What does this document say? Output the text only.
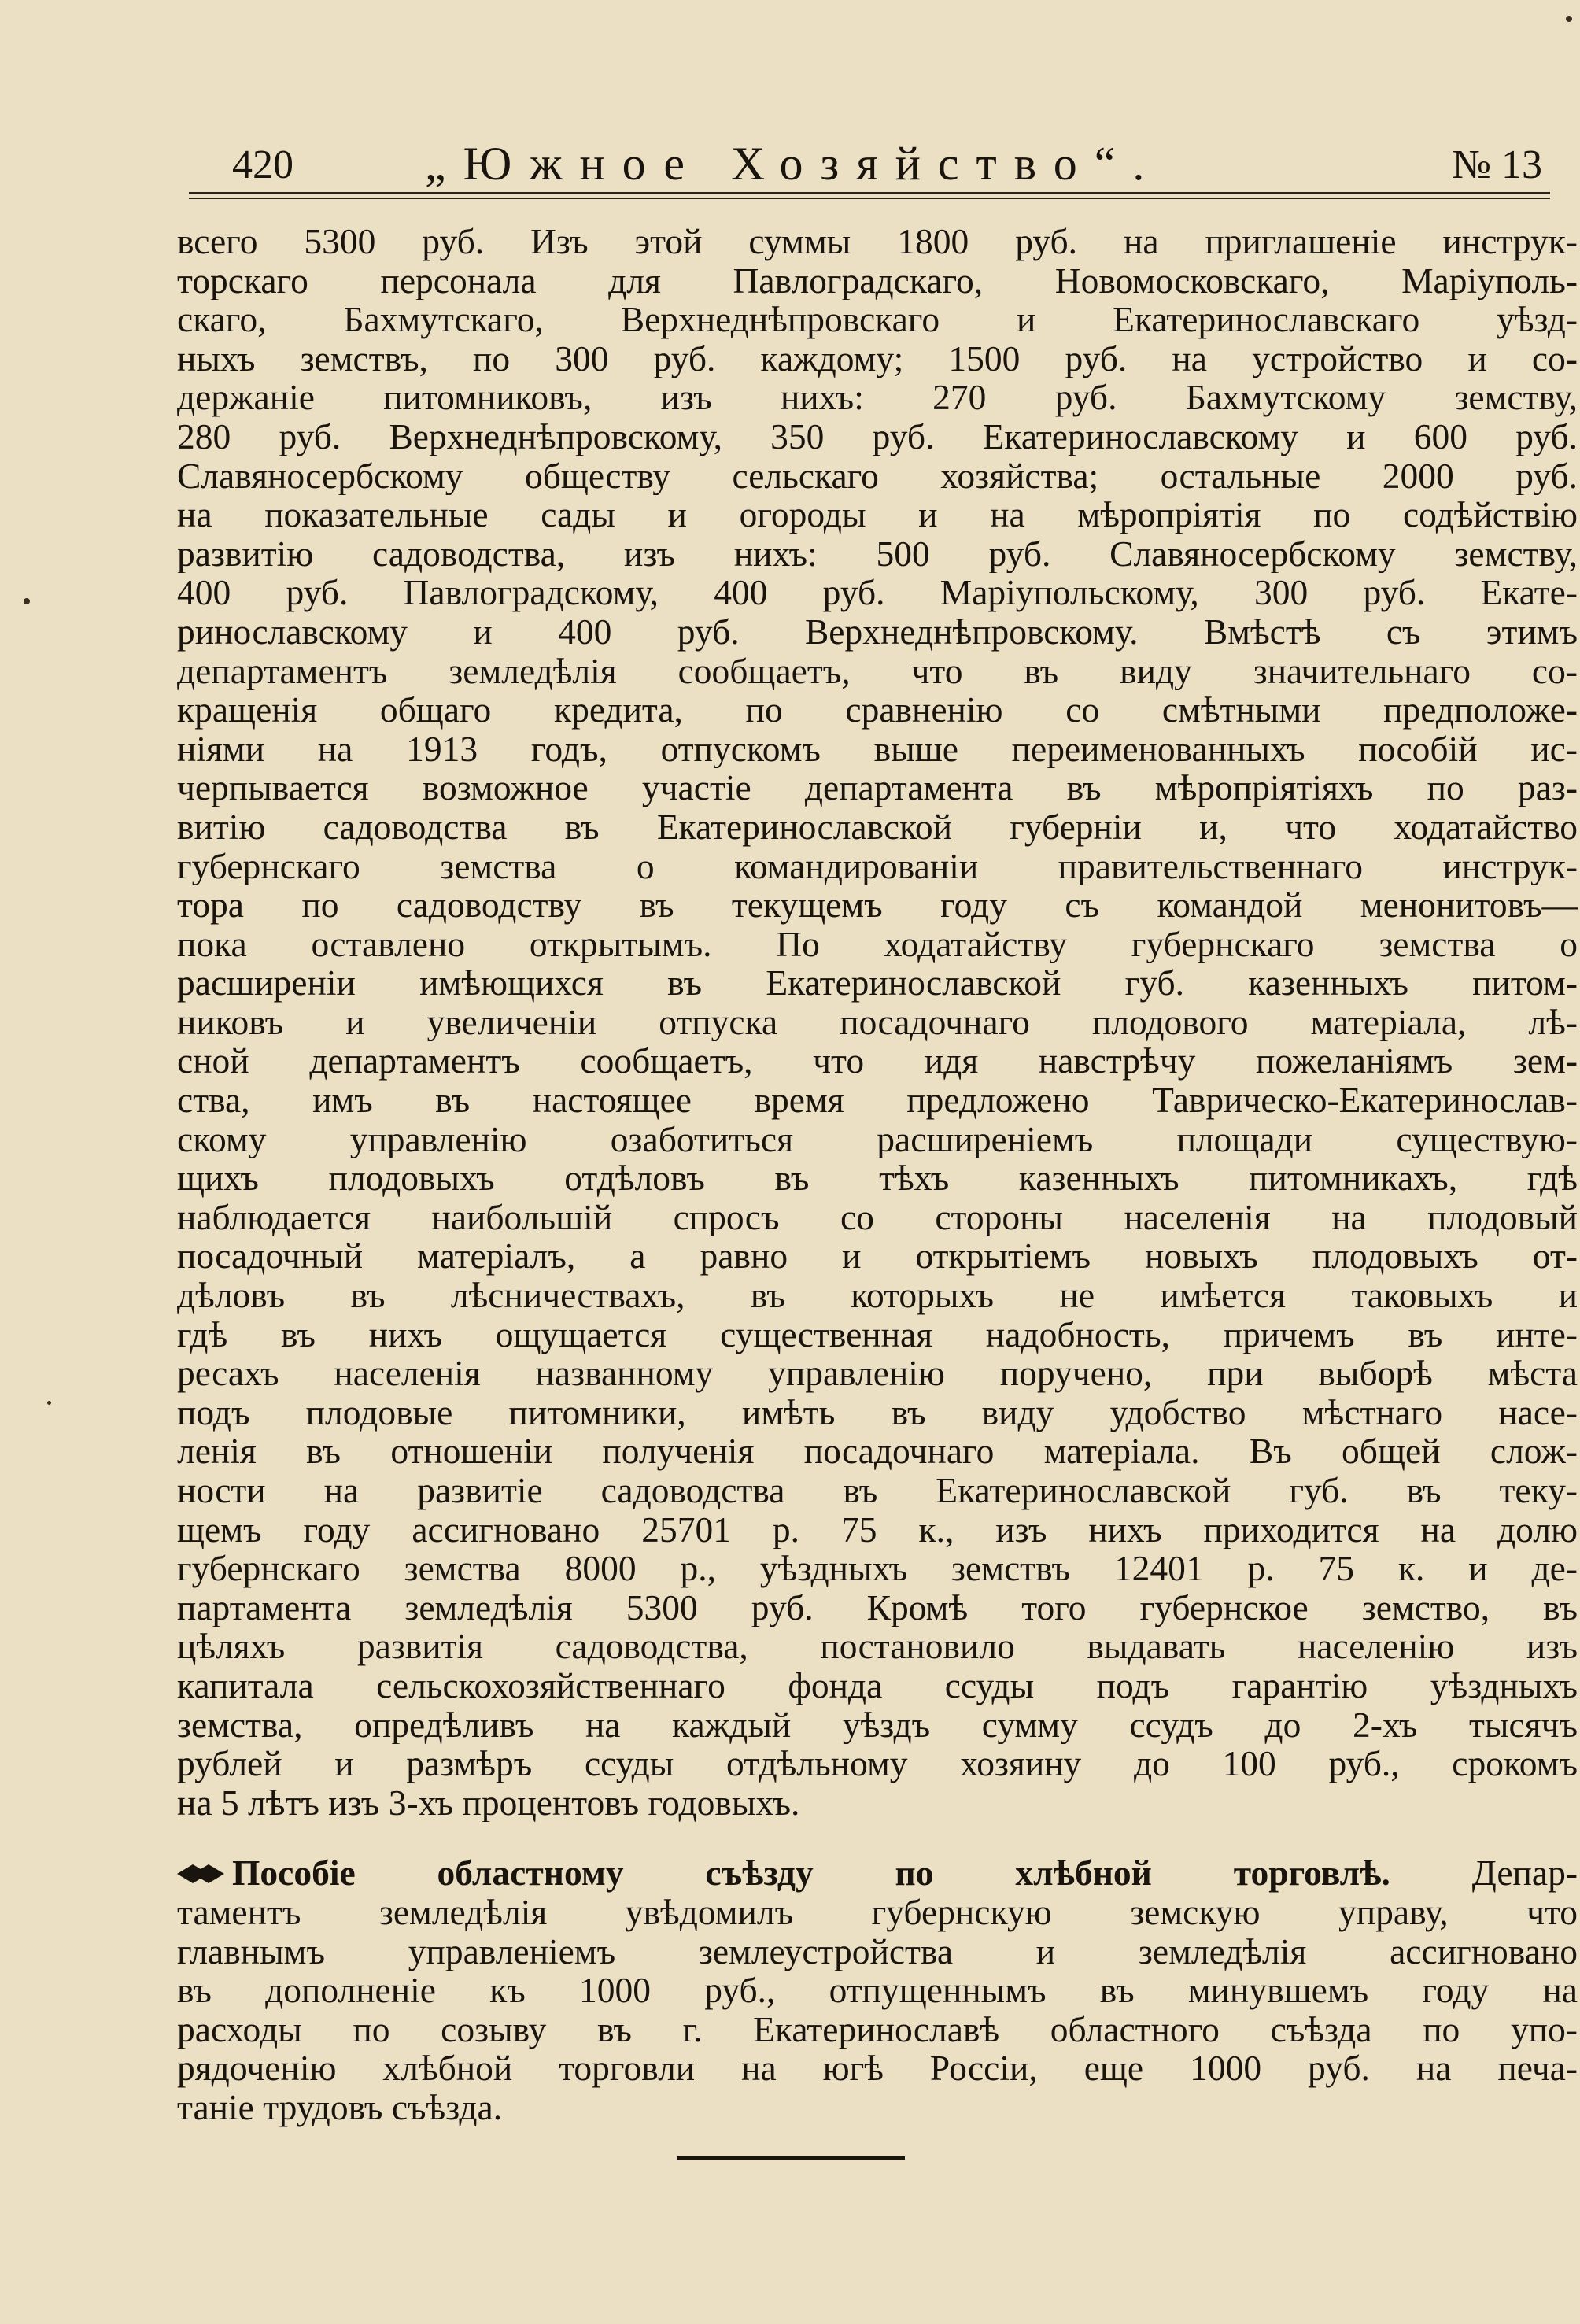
420	„Южное Хозяйство“.	№ 13
всего 5300 руб. Изъ этой суммы 1800 руб. на приглашеніе инструк-
торскаго персонала для Павлоградскаго, Новомосковскаго, Маріуполь-
скаго, Бахмутскаго, Верхнеднѣпровскаго и Екатеринославскаго уѣзд-
ныхъ земствъ, по 300 руб. каждому; 1500 руб. на устройство и со-
держаніе питомниковъ, изъ нихъ: 270 руб. Бахмутскому земству,
280 руб. Верхнеднѣпровскому, 350 руб. Екатеринославскому и 600 руб.
Славяносербскому обществу сельскаго хозяйства; остальные 2000 руб.
на показательные сады и огороды и на мѣропріятія по содѣйствію
развитію садоводства, изъ нихъ: 500 руб. Славяносербскому земству,
400 руб. Павлоградскому, 400 руб. Маріупольскому, 300 руб. Екате-
ринославскому и 400 руб. Верхнеднѣпровскому. Вмѣстѣ съ этимъ
департаментъ земледѣлія сообщаетъ, что въ виду значительнаго со-
кращенія общаго кредита, по сравненію со смѣтными предположе-
ніями на 1913 годъ, отпускомъ выше переименованныхъ пособій ис-
черпывается возможное участіе департамента въ мѣропріятіяхъ по раз-
витію садоводства въ Екатеринославской губерніи и, что ходатайство
губернскаго земства о командированіи правительственнаго инструк-
тора по садоводству въ текущемъ году съ командой менонитовъ—
пока оставлено открытымъ. По ходатайству губернскаго земства о
расширеніи имѣющихся въ Екатеринославской губ. казенныхъ питом-
никовъ и увеличеніи отпуска посадочнаго плодового матеріала, лѣ-
сной департаментъ сообщаетъ, что идя навстрѣчу пожеланіямъ зем-
ства, имъ въ настоящее время предложено Таврическо-Екатеринослав-
скому управленію озаботиться расширеніемъ площади существую-
щихъ плодовыхъ отдѣловъ въ тѣхъ казенныхъ питомникахъ, гдѣ
наблюдается наибольшій спросъ со стороны населенія на плодовый
посадочный матеріалъ, а равно и открытіемъ новыхъ плодовыхъ от-
дѣловъ въ лѣсничествахъ, въ которыхъ не имѣется таковыхъ и
гдѣ въ нихъ ощущается существенная надобность, причемъ въ инте-
ресахъ населенія названному управленію поручено, при выборѣ мѣста
подъ плодовые питомники, имѣть въ виду удобство мѣстнаго насе-
ленія въ отношеніи полученія посадочнаго матеріала. Въ общей слож-
ности на развитіе садоводства въ Екатеринославской губ. въ теку-
щемъ году ассигновано 25701 р. 75 к., изъ нихъ приходится на долю
губернскаго земства 8000 р., уѣздныхъ земствъ 12401 р. 75 к. и де-
партамента земледѣлія 5300 руб. Кромѣ того губернское земство, въ
цѣляхъ развитія садоводства, постановило выдавать населенію изъ
капитала сельскохозяйственнаго фонда ссуды подъ гарантію уѣздныхъ
земства, опредѣливъ на каждый уѣздъ сумму ссудъ до 2-хъ тысячъ
рублей и размѣръ ссуды отдѣльному хозяину до 100 руб., срокомъ
на 5 лѣтъ изъ 3-хъ процентовъ годовыхъ.
Пособіе областному съѣзду по хлѣбной торговлѣ. Депар-
таментъ земледѣлія увѣдомилъ губернскую земскую управу, что
главнымъ управленіемъ землеустройства и земледѣлія ассигновано
въ дополненіе къ 1000 руб., отпущеннымъ въ минувшемъ году на
расходы по созыву въ г. Екатеринославѣ областного съѣзда по упо-
рядоченію хлѣбной торговли на югѣ Россіи, еще 1000 руб. на печа-
таніе трудовъ съѣзда.
